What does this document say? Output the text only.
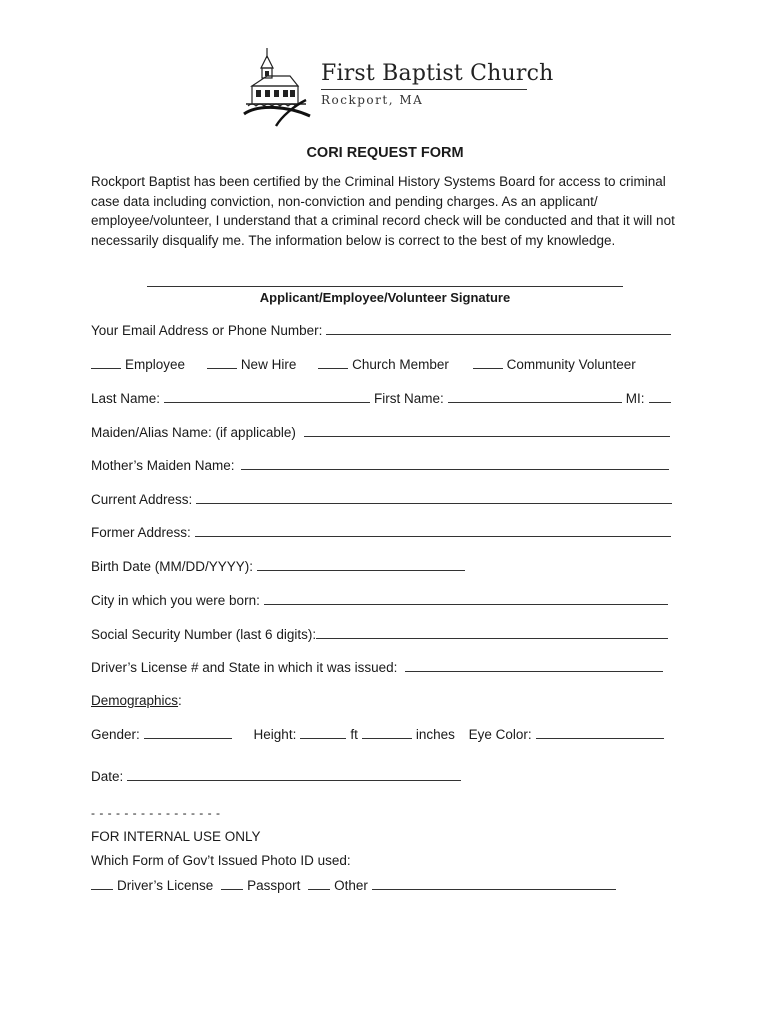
First Baptist Church
Rockport, MA
CORI REQUEST FORM
Rockport Baptist has been certified by the Criminal History Systems Board for access to criminal case data including conviction, non-conviction and pending charges. As an applicant/ employee/volunteer, I understand that a criminal record check will be conducted and that it will not necessarily disqualify me. The information below is correct to the best of my knowledge.
Applicant/Employee/Volunteer Signature
Your Email Address or Phone Number:
Employee	New Hire	Church Member	Community Volunteer
Last Name:	First Name:	MI:
Maiden/Alias Name: (if applicable)
Mother’s Maiden Name:
Current Address:
Former Address:
Birth Date (MM/DD/YYYY):
City in which you were born:
Social Security Number (last 6 digits):
Driver’s License # and State in which it was issued:
Demographics:
Gender:	Height:	ft	inches Eye Color:
Date:
- - - - - - - - - - - - - - - -
FOR INTERNAL USE ONLY
Which Form of Gov’t Issued Photo ID used:
Driver’s License	Passport	Other
